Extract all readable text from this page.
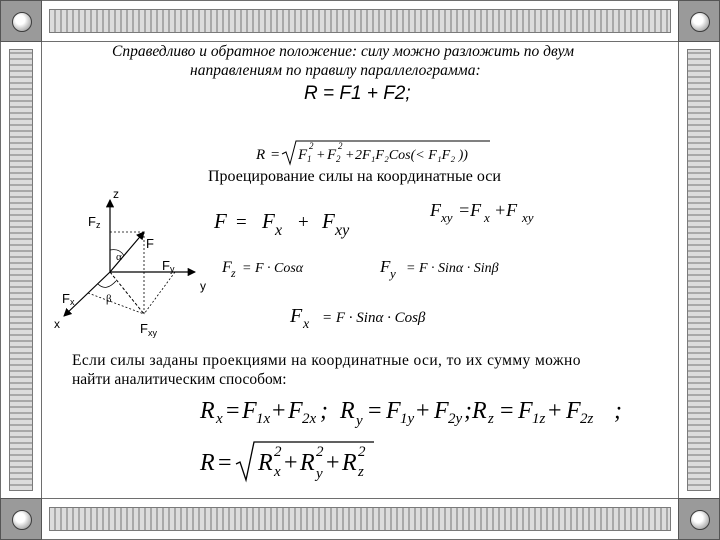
Справедливо и обратное положение: силу можно разложить по двум
направлениям по правилу параллелограмма:
R = F1 + F2;
R = F 1
2
+ F 2
2
+ 2F₁F₂Cos(< F₁F₂ ))
Проецирование силы на координатные оси
z
F z
F
α
F у
у
F x	β
х	F xy
F = F x + F xy
F xy =F x +F xy
F z = F · Cosα	F y = F · Sinα · Sinβ
F x = F · Sinα · Cosβ
Если силы заданы проекциями на координатные оси, то их сумму можно
найти аналитическим способом:
R x = F 1x + F 2x ; R y = F 1y + F 2y ; R z = F 1z + F 2z ;
R = R x
2 + R y
2 + R z
2
